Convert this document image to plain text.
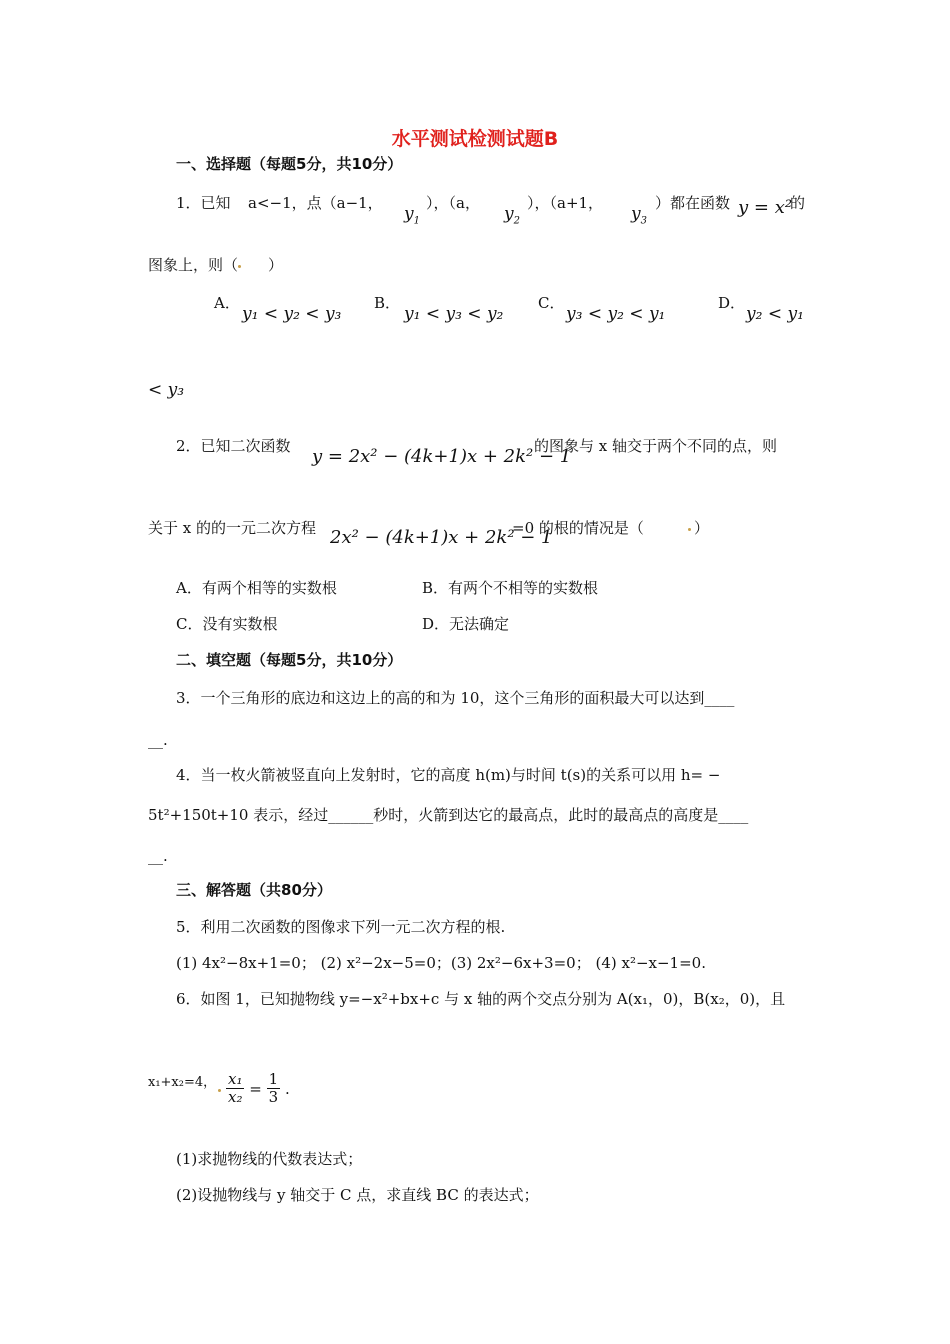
水平测试检测试题B
一、选择题（每题5分，共10分）
1．已知 a<−1，点（a−1，
$y_1$
），（a，
$y_2$
），（a+1，
$y_3$
）都在函数 y = x²
的
图象上，则（ ）
A．
y₁ < y₂ < y₃
B．
y₁ < y₃ < y₂
C．
y₃ < y₂ < y₁
D．
y₂ < y₁
< y₃
2．已知二次函数 y = 2x² − (4k+1)x + 2k² − 1
的图象与 x 轴交于两个不同的点，则
关于 x 的的一元二次方程 2x² − (4k+1)x + 2k² − 1
=0 的根的情况是（	）
A．有两个相等的实数根	B．有两个不相等的实数根
C．没有实数根	D．无法确定
二、填空题（每题5分，共10分）
3．一个三角形的底边和这边上的高的和为 10，这个三角形的面积最大可以达到____
__.
4．当一枚火箭被竖直向上发射时，它的高度 h(m)与时间 t(s)的关系可以用 h= −
5t²+150t+10 表示，经过______秒时，火箭到达它的最高点，此时的最高点的高度是____
__.
三、解答题（共80分）
5．利用二次函数的图像求下列一元二次方程的根.
(1) 4x²−8x+1=0； (2) x²−2x−5=0；(3) 2x²−6x+3=0； (4) x²−x−1=0.
6．如图 1，已知抛物线 y=−x²+bx+c 与 x 轴的两个交点分别为 A(x₁，0)，B(x₂，0)，且
x₁+x₂=4， $\frac{\text{x₁}}{\text{x₂}} = \frac{1}{3}$ .
(1)求抛物线的代数表达式；
(2)设抛物线与 y 轴交于 C 点，求直线 BC 的表达式；
